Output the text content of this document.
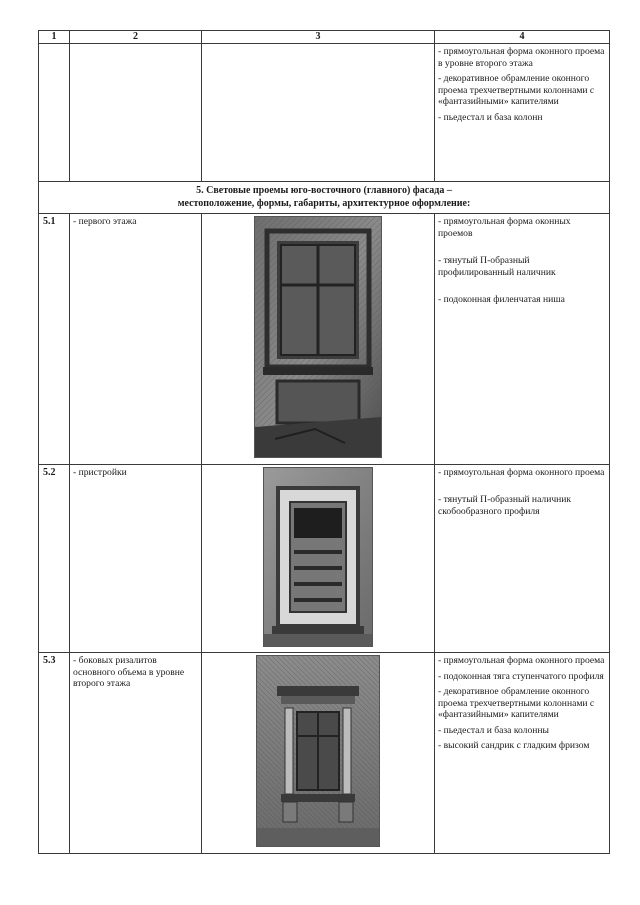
1	2	3	4

			- прямоугольная форма оконного проема в уровне второго этажа
- декоративное обрамление оконного проема трехчетвертными колоннами с «фантазийными» капителями
- пьедестал и база колонн

5. Световые проемы юго-восточного (главного) фасада –
местоположение, формы, габариты, архитектурное оформление:			

5.1	- первого этажа		- прямоугольная форма оконных проемов
- тянутый П-образный профилированный наличник
- подоконная филенчатая ниша

5.2	- пристройки		- прямоугольная форма оконного проема
- тянутый П-образный наличник скобообразного профиля

5.3	- боковых ризалитов основного объема в уровне второго этажа		- прямоугольная форма оконного проема
- подоконная тяга ступенчатого профиля
- декоративное обрамление оконного проема трехчетвертными колоннами с «фантазийными» капителями
- пьедестал и база колонны
- высокий сандрик с гладким фризом
